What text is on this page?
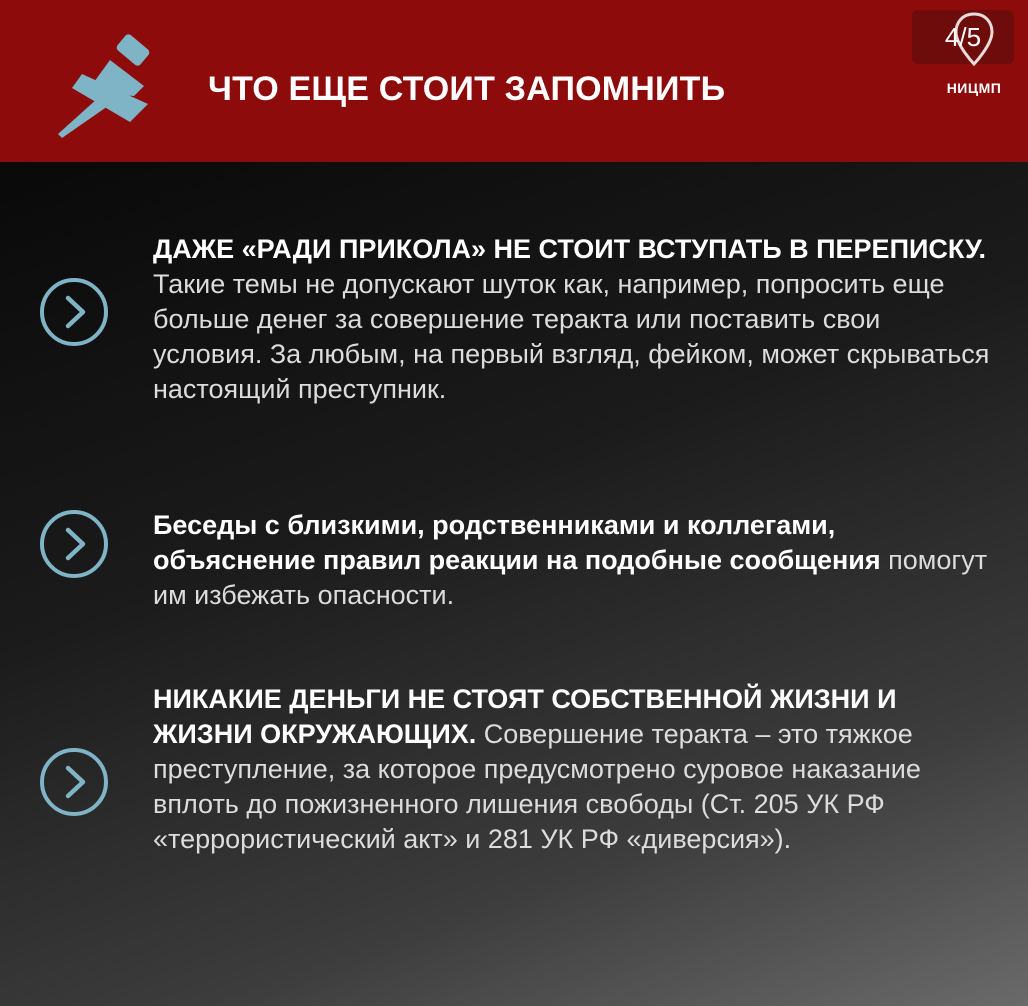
ЧТО ЕЩЕ СТОИТ ЗАПОМНИТЬ
4/5
НИЦМП
ДАЖЕ «РАДИ ПРИКОЛА» НЕ СТОИТ ВСТУПАТЬ В ПЕРЕПИСКУ. Такие темы не допускают шуток как, например, попросить еще больше денег за совершение теракта или поставить свои условия. За любым, на первый взгляд, фейком, может скрываться настоящий преступник.
Беседы с близкими, родственниками и коллегами, объяснение правил реакции на подобные сообщения помогут им избежать опасности.
НИКАКИЕ ДЕНЬГИ НЕ СТОЯТ СОБСТВЕННОЙ ЖИЗНИ И ЖИЗНИ ОКРУЖАЮЩИХ. Совершение теракта – это тяжкое преступление, за которое предусмотрено суровое наказание вплоть до пожизненного лишения свободы (Ст. 205 УК РФ «террористический акт» и 281 УК РФ «диверсия»).
